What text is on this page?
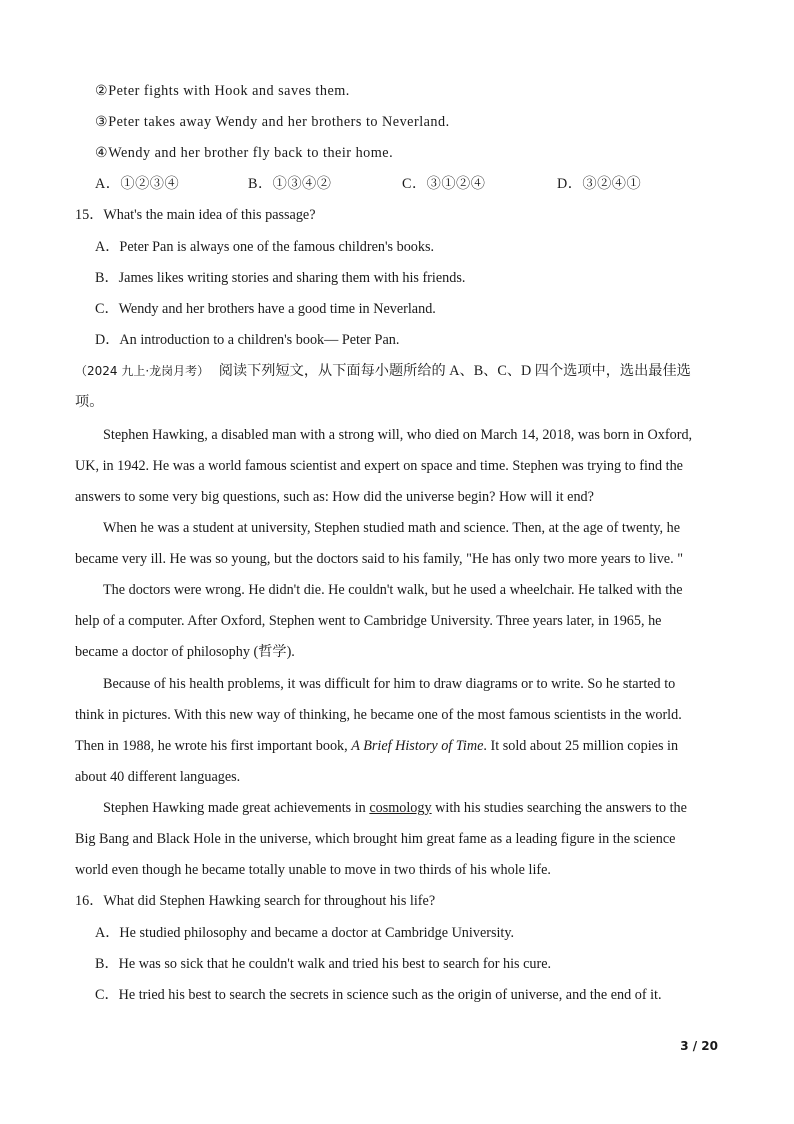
②Peter fights with Hook and saves them.
③Peter takes away Wendy and her brothers to Neverland.
④Wendy and her brother fly back to their home.
A．①②③④	B．①③④②	C．③①②④	D．③②④①
15．What's the main idea of this passage?
A．Peter Pan is always one of the famous children's books.
B．James likes writing stories and sharing them with his friends.
C．Wendy and her brothers have a good time in Neverland.
D．An introduction to a children's book— Peter Pan.
（2024 九上·龙岗月考） 阅读下列短文，从下面每小题所给的 A、B、C、D 四个选项中，选出最佳选
项。
Stephen Hawking, a disabled man with a strong will, who died on March 14, 2018, was born in Oxford,
UK, in 1942. He was a world famous scientist and expert on space and time. Stephen was trying to find the
answers to some very big questions, such as: How did the universe begin? How will it end?
When he was a student at university, Stephen studied math and science. Then, at the age of twenty, he
became very ill. He was so young, but the doctors said to his family, "He has only two more years to live. "
The doctors were wrong. He didn't die. He couldn't walk, but he used a wheelchair. He talked with the
help of a computer. After Oxford, Stephen went to Cambridge University. Three years later, in 1965, he
became a doctor of philosophy (哲学).
Because of his health problems, it was difficult for him to draw diagrams or to write. So he started to
think in pictures. With this new way of thinking, he became one of the most famous scientists in the world.
Then in 1988, he wrote his first important book, A Brief History of Time. It sold about 25 million copies in
about 40 different languages.
Stephen Hawking made great achievements in cosmology with his studies searching the answers to the
Big Bang and Black Hole in the universe, which brought him great fame as a leading figure in the science
world even though he became totally unable to move in two thirds of his whole life.
16．What did Stephen Hawking search for throughout his life?
A．He studied philosophy and became a doctor at Cambridge University.
B．He was so sick that he couldn't walk and tried his best to search for his cure.
C．He tried his best to search the secrets in science such as the origin of universe, and the end of it.
3 / 20
